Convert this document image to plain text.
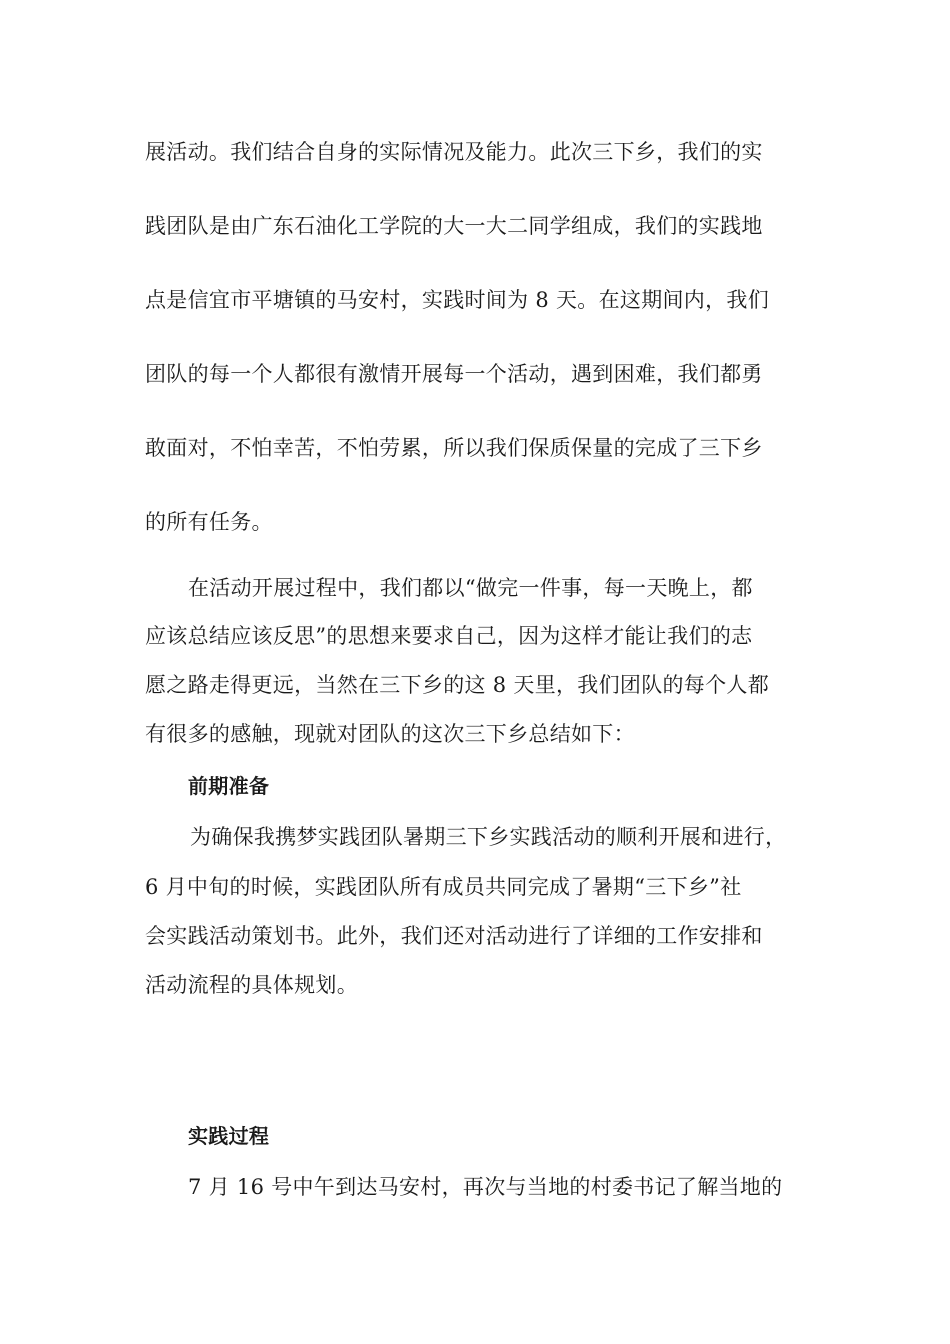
展活动。我们结合自身的实际情况及能力。此次三下乡，我们的实
践团队是由广东石油化工学院的大一大二同学组成，我们的实践地
点是信宜市平塘镇的马安村，实践时间为 8 天。在这期间内，我们
团队的每一个人都很有激情开展每一个活动，遇到困难，我们都勇
敢面对，不怕幸苦，不怕劳累，所以我们保质保量的完成了三下乡
的所有任务。
在活动开展过程中，我们都以“做完一件事，每一天晚上，都
应该总结应该反思”的思想来要求自己，因为这样才能让我们的志
愿之路走得更远，当然在三下乡的这 8 天里，我们团队的每个人都
有很多的感触，现就对团队的这次三下乡总结如下：
前期准备
为确保我携梦实践团队暑期三下乡实践活动的顺利开展和进行，
6 月中旬的时候，实践团队所有成员共同完成了暑期“三下乡”社
会实践活动策划书。此外，我们还对活动进行了详细的工作安排和
活动流程的具体规划。
实践过程
7 月 16 号中午到达马安村，再次与当地的村委书记了解当地的
